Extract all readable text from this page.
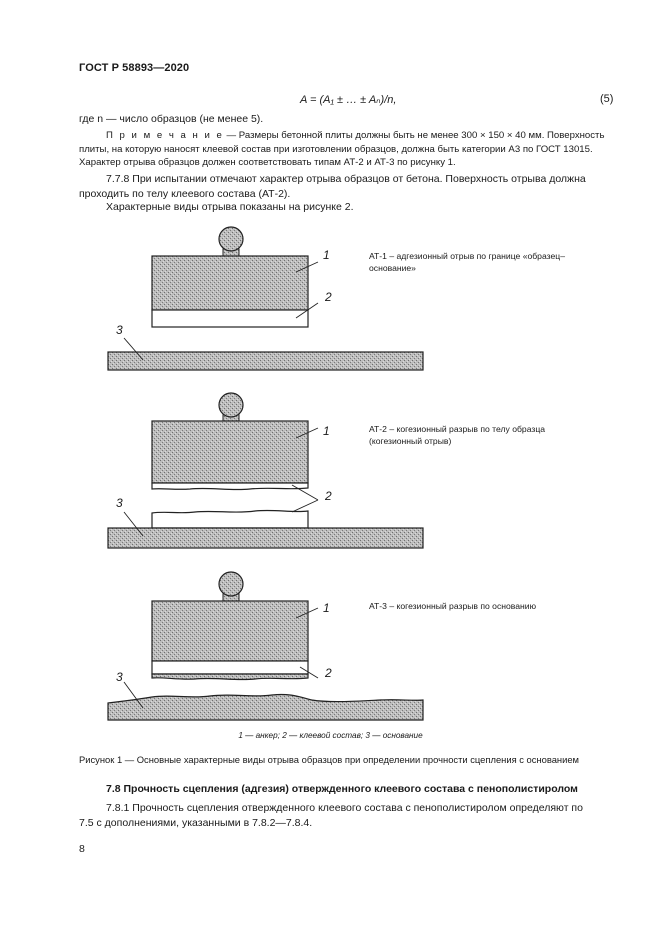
ГОСТ Р 58893—2020
A = (A₁ ± … ± Aₙ)/n,	(5)
где n — число образцов (не менее 5).
П р и м е ч а н и е — Размеры бетонной плиты должны быть не менее 300 × 150 × 40 мм. Поверхность
плиты, на которую наносят клеевой состав при изготовлении образцов, должна быть категории А3 по ГОСТ 13015.
Характер отрыва образцов должен соответствовать типам АТ-2 и АТ-3 по рисунку 1.
7.7.8 При испытании отмечают характер отрыва образцов от бетона. Поверхность отрыва должна
проходить по телу клеевого состава (АТ-2).
Характерные виды отрыва показаны на рисунке 2.
1
2
3
1
2
3
1
2
3
АТ-1 – адгезионный отрыв по границе «образец–
основание»
АТ-2 – когезионный разрыв по телу образца
(когезионный отрыв)
АТ-3 – когезионный разрыв по основанию
1 — анкер; 2 — клеевой состав; 3 — основание
Рисунок 1 — Основные характерные виды отрыва образцов при определении прочности сцепления с основанием
7.8 Прочность сцепления (адгезия) отвержденного клеевого состава с пенополистиролом
7.8.1 Прочность сцепления отвержденного клеевого состава с пенополистиролом определяют по
7.5 с дополнениями, указанными в 7.8.2—7.8.4.
8
